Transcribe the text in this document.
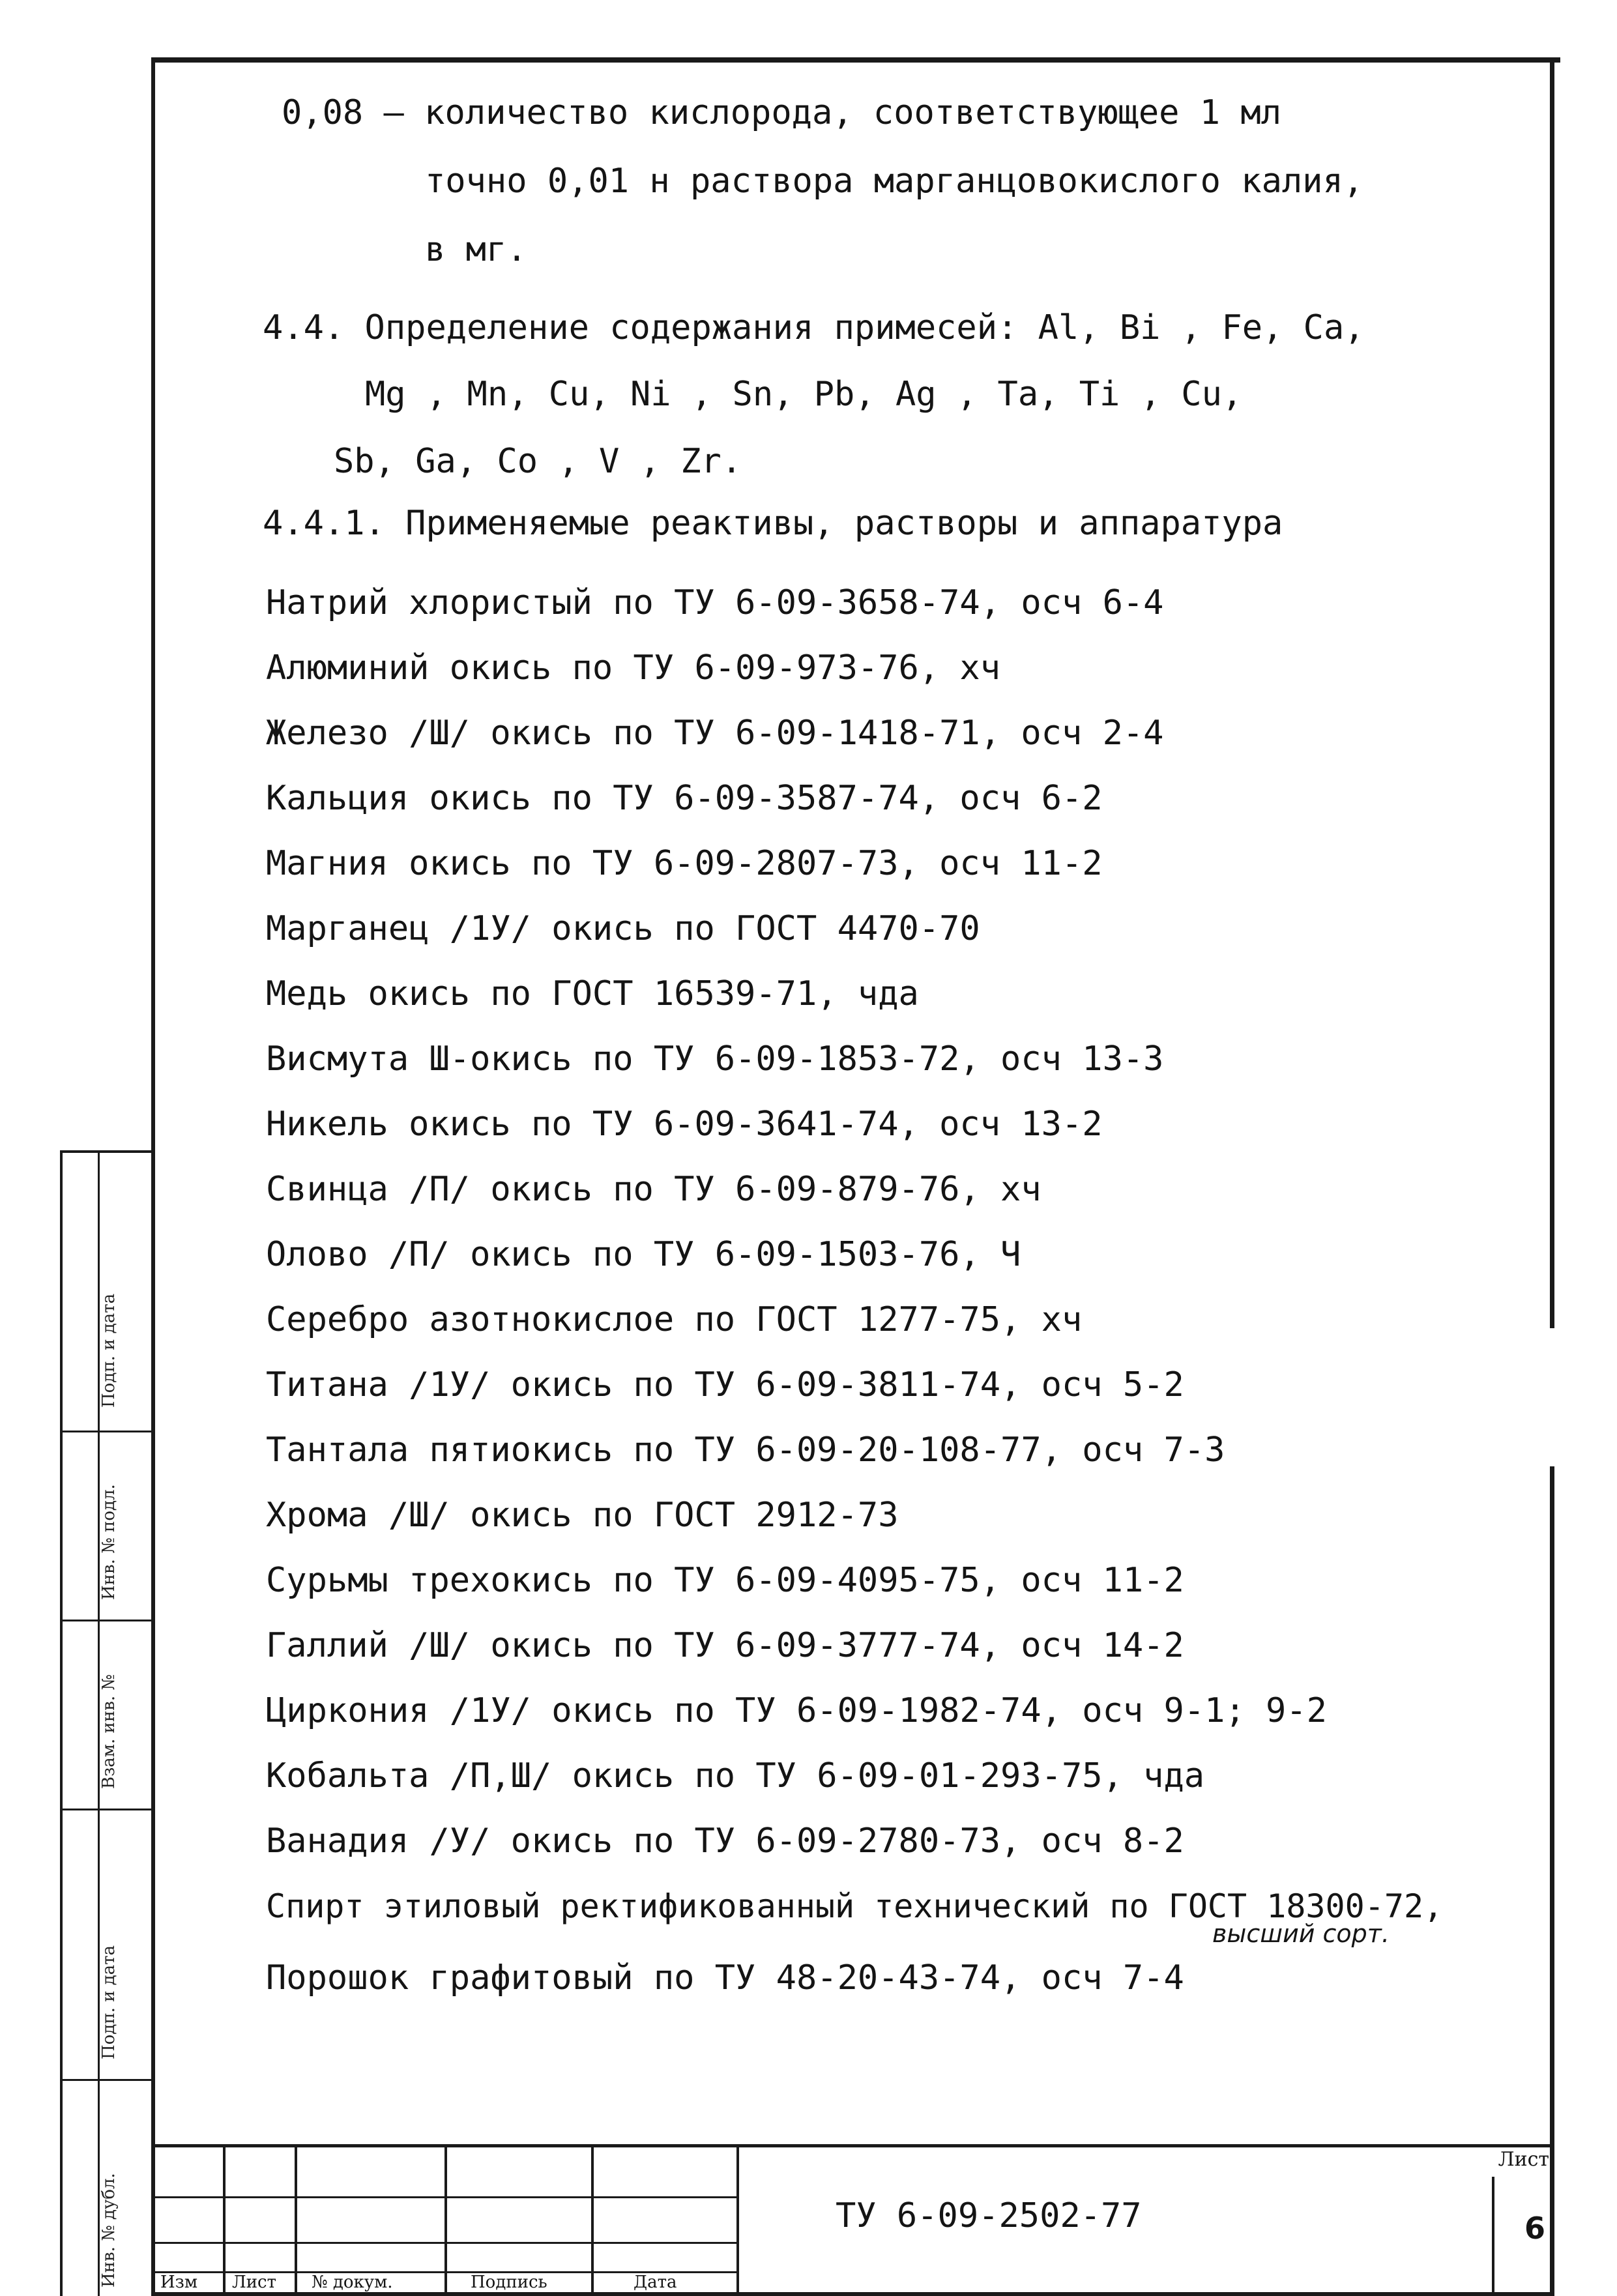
Подп. и дата
Инв. № подл.
Взам. инв. №
Подп. и дата
Инв. № дубл.
0,08 – количество кислорода, соответствующее 1 мл
точно 0,01 н раствора марганцовокислого калия,
в мг.
4.4. Определение содержания примесей: Al, Bi , Fe, Ca,
Mg , Mn, Cu, Ni , Sn, Pb, Ag , Ta, Ti , Cu,
Sb, Ga, Co , V , Zr.
4.4.1. Применяемые реактивы, растворы и аппаратура
Натрий хлористый по ТУ 6-09-3658-74, осч 6-4
Алюминий окись по ТУ 6-09-973-76, хч
Железо /Ш/ окись по ТУ 6-09-1418-71, осч 2-4
Кальция окись по ТУ 6-09-3587-74, осч 6-2
Магния окись по ТУ 6-09-2807-73, осч 11-2
Марганец /1У/ окись по ГОСТ 4470-70
Медь окись по ГОСТ 16539-71, чда
Висмута Ш-окись по ТУ 6-09-1853-72, осч 13-3
Никель окись по ТУ 6-09-3641-74, осч 13-2
Свинца /П/ окись по ТУ 6-09-879-76, хч
Олово /П/ окись по ТУ 6-09-1503-76, Ч
Серебро азотнокислое по ГОСТ 1277-75, хч
Титана /1У/ окись по ТУ 6-09-3811-74, осч 5-2
Тантала пятиокись по ТУ 6-09-20-108-77, осч 7-3
Хрома /Ш/ окись по ГОСТ 2912-73
Сурьмы трехокись по ТУ 6-09-4095-75, осч 11-2
Галлий /Ш/ окись по ТУ 6-09-3777-74, осч 14-2
Циркония /1У/ окись по ТУ 6-09-1982-74, осч 9-1; 9-2
Кобальта /П,Ш/ окись по ТУ 6-09-01-293-75, чда
Ванадия /У/ окись по ТУ 6-09-2780-73, осч 8-2
Спирт этиловый ректификованный технический по ГОСТ 18300-72,
высший сорт.
Порошок графитовый по ТУ 48-20-43-74, осч 7-4
Изм Лист № докум.	Подпись	Дата
ТУ 6-09-2502-77
Лист
6
